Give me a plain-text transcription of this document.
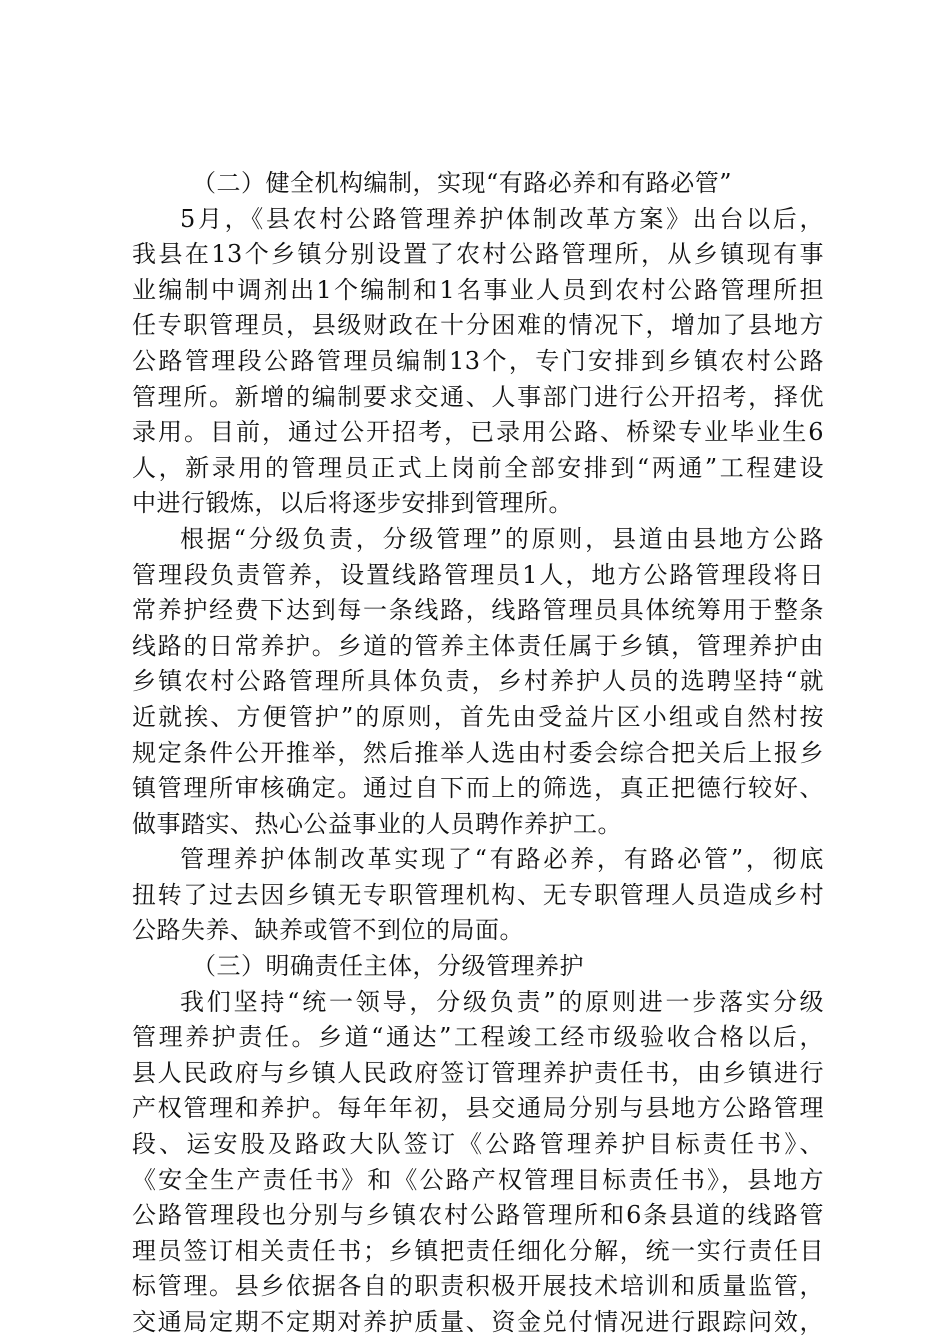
（二）健全机构编制，实现“有路必养和有路必管”
5月，《县农村公路管理养护体制改革方案》出台以后，
我县在13个乡镇分别设置了农村公路管理所，从乡镇现有事
业编制中调剂出1个编制和1名事业人员到农村公路管理所担
任专职管理员，县级财政在十分困难的情况下，增加了县地方
公路管理段公路管理员编制13个，专门安排到乡镇农村公路
管理所。新增的编制要求交通、人事部门进行公开招考，择优
录用。目前，通过公开招考，已录用公路、桥梁专业毕业生6
人，新录用的管理员正式上岗前全部安排到“两通”工程建设
中进行锻炼，以后将逐步安排到管理所。
根据“分级负责，分级管理”的原则，县道由县地方公路
管理段负责管养，设置线路管理员1人，地方公路管理段将日
常养护经费下达到每一条线路，线路管理员具体统筹用于整条
线路的日常养护。乡道的管养主体责任属于乡镇，管理养护由
乡镇农村公路管理所具体负责，乡村养护人员的选聘坚持“就
近就挨、方便管护”的原则，首先由受益片区小组或自然村按
规定条件公开推举，然后推举人选由村委会综合把关后上报乡
镇管理所审核确定。通过自下而上的筛选，真正把德行较好、
做事踏实、热心公益事业的人员聘作养护工。
管理养护体制改革实现了“有路必养，有路必管”，彻底
扭转了过去因乡镇无专职管理机构、无专职管理人员造成乡村
公路失养、缺养或管不到位的局面。
（三）明确责任主体，分级管理养护
我们坚持“统一领导，分级负责”的原则进一步落实分级
管理养护责任。乡道“通达”工程竣工经市级验收合格以后，
县人民政府与乡镇人民政府签订管理养护责任书，由乡镇进行
产权管理和养护。每年年初，县交通局分别与县地方公路管理
段、运安股及路政大队签订《公路管理养护目标责任书》、
《安全生产责任书》和《公路产权管理目标责任书》，县地方
公路管理段也分别与乡镇农村公路管理所和6条县道的线路管
理员签订相关责任书；乡镇把责任细化分解，统一实行责任目
标管理。县乡依据各自的职责积极开展技术培训和质量监管，
交通局定期不定期对养护质量、资金兑付情况进行跟踪问效，
